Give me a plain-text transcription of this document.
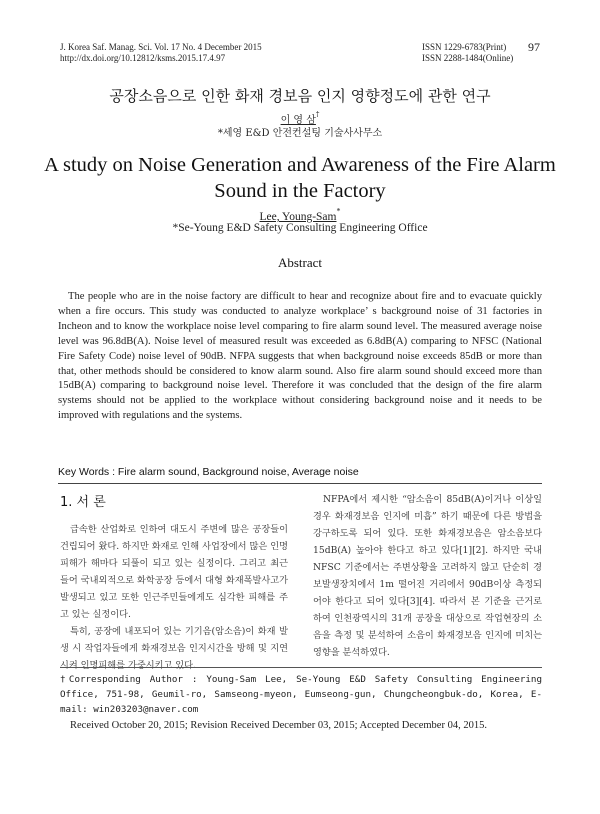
J. Korea Saf. Manag. Sci. Vol. 17 No. 4 December 2015
http://dx.doi.org/10.12812/ksms.2015.17.4.97
ISSN 1229-6783(Print)
ISSN 2288-1484(Online)
97
공장소음으로 인한 화재 경보음 인지 영향정도에 관한 연구
이 영 삼†
*세영 E&D 안전컨설팅 기술사사무소
A study on Noise Generation and Awareness of the Fire Alarm
Sound in the Factory
Lee, Young-Sam*
*Se-Young E&D Safety Consulting Engineering Office
Abstract

The people who are in the noise factory are difficult to hear and recognize about fire and to evacuate quickly when a fire occurs. This study was conducted to analyze workplace’ s background noise of 31 factories in Incheon and to know the workplace noise level comparing to fire alarm sound level. The measured average noise level was 96.8dB(A). Noise level of measured result was exceeded as 6.8dB(A) comparing to NFSC (National Fire Safety Code) noise level of 90dB. NFPA suggests that when background noise exceeds 85dB or more than that, other methods should be considered to know alarm sound. Also fire alarm sound should exceed more than 15dB(A) comparing to background noise level. Therefore it was concluded that the design of the fire alarm systems should not be applied to the workplace without considering background noise and it needs to be improved with regulations and the systems.

Key Words : Fire alarm sound, Background noise, Average noise
1. 서 론

급속한 산업화로 인하여 대도시 주변에 많은 공장들이 건립되어 왔다. 하지만 화재로 인해 사업장에서 많은 인명피해가 해마다 되풀이 되고 있는 실정이다. 그리고 최근 들어 국내외적으로 화학공장 등에서 대형 화재폭발사고가 발생되고 있고 또한 인근주민들에게도 심각한 피해를 주고 있는 실정이다.

특히, 공장에 내포되어 있는 기기음(암소음)이 화재 발생 시 작업자들에게 화재경보음 인지시간을 방해 및 지연시켜 인명피해를 가중시키고 있다.

NFPA에서 제시한 “암소음이 85dB(A)이거나 이상일 경우 화재경보음 인지에 미흡” 하기 때문에 다른 방법을 강구하도록 되어 있다. 또한 화재경보음은 암소음보다 15dB(A) 높아야 한다고 하고 있다[1][2]. 하지만 국내 NFSC 기준에서는 주변상황을 고려하지 않고 단순히 경보발생장치에서 1m 떨어진 거리에서 90dB이상 측정되어야 한다고 되어 있다[3][4]. 따라서 본 기준을 근거로 하여 인천광역시의 31개 공장을 대상으로 작업현장의 소음을 측정 및 분석하여 소음이 화재경보음 인지에 미치는 영향을 분석하였다.

†Corresponding Author : Young-Sam Lee, Se-Young E&D Safety Consulting Engineering Office, 751-98, Geumil-ro, Samseong-myeon, Eumseong-gun, Chungcheongbuk-do, Korea, E-mail: win203203@naver.com
Received October 20, 2015; Revision Received December 03, 2015; Accepted December 04, 2015.
